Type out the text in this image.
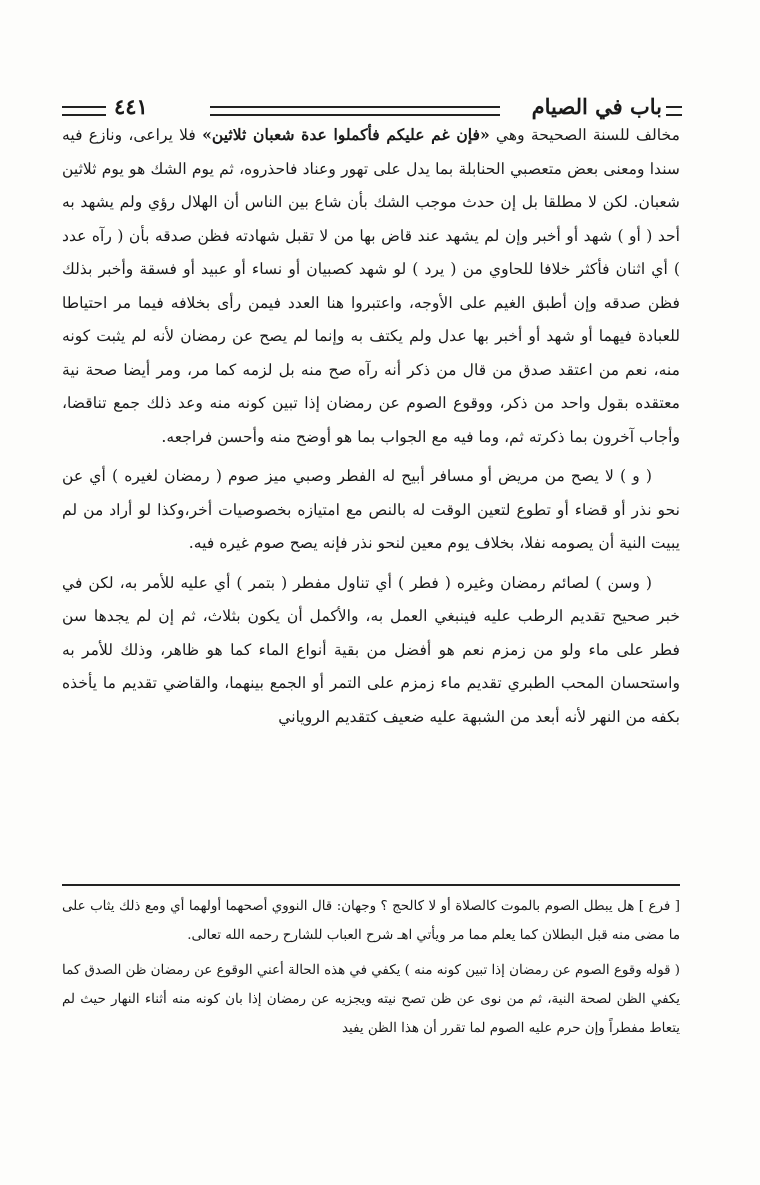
باب في الصيام
٤٤١

مخالف للسنة الصحيحة وهي «فإن غم عليكم فأكملوا عدة شعبان ثلاثين» فلا يراعى، ونازع فيه سندا ومعنى بعض متعصبي الحنابلة بما يدل على تهور وعناد فاحذروه، ثم يوم الشك هو يوم ثلاثين شعبان. لكن لا مطلقا بل إن حدث موجب الشك بأن شاع بين الناس أن الهلال رؤي ولم يشهد به أحد ( أو ) شهد أو أخبر وإن لم يشهد عند قاض بها من لا تقبل شهادته فظن صدقه بأن ( رآه عدد ) أي اثنان فأكثر خلافا للحاوي من ( يرد ) لو شهد كصبيان أو نساء أو عبيد أو فسقة وأخبر بذلك فظن صدقه وإن أطبق الغيم على الأوجه، واعتبروا هنا العدد فيمن رأى بخلافه فيما مر احتياطا للعبادة فيهما أو شهد أو أخبر بها عدل ولم يكتف به وإنما لم يصح عن رمضان لأنه لم يثبت كونه منه، نعم من اعتقد صدق من قال من ذكر أنه رآه صح منه بل لزمه كما مر، ومر أيضا صحة نية معتقده بقول واحد من ذكر، ووقوع الصوم عن رمضان إذا تبين كونه منه وعد ذلك جمع تناقضا، وأجاب آخرون بما ذكرته ثم، وما فيه مع الجواب بما هو أوضح منه وأحسن فراجعه.

( و ) لا يصح من مريض أو مسافر أبيح له الفطر وصبي ميز صوم ( رمضان لغيره ) أي عن نحو نذر أو قضاء أو تطوع لتعين الوقت له بالنص مع امتيازه بخصوصيات أخر،وكذا لو أراد من لم يبيت النية أن يصومه نفلا، بخلاف يوم معين لنحو نذر فإنه يصح صوم غيره فيه.

( وسن ) لصائم رمضان وغيره ( فطر ) أي تناول مفطر ( بتمر ) أي عليه للأمر به، لكن في خبر صحيح تقديم الرطب عليه فينبغي العمل به، والأكمل أن يكون بثلاث، ثم إن لم يجدها سن فطر على ماء ولو من زمزم نعم هو أفضل من بقية أنواع الماء كما هو ظاهر، وذلك للأمر به واستحسان المحب الطبري تقديم ماء زمزم على التمر أو الجمع بينهما، والقاضي تقديم ما يأخذه بكفه من النهر لأنه أبعد من الشبهة عليه ضعيف كتقديم الروياني

[ فرع ] هل يبطل الصوم بالموت كالصلاة أو لا كالحج ؟ وجهان: قال النووي أصحهما أولهما أي ومع ذلك يثاب على ما مضى منه قبل البطلان كما يعلم مما مر ويأتي اهـ شرح العباب للشارح رحمه الله تعالى.

( قوله وقوع الصوم عن رمضان إذا تبين كونه منه ) يكفي في هذه الحالة أعني الوقوع عن رمضان ظن الصدق كما يكفي الظن لصحة النية، ثم من نوى عن ظن تصح نيته ويجزيه عن رمضان إذا بان كونه منه أثناء النهار حيث لم يتعاط مفطراً وإن حرم عليه الصوم لما تقرر أن هذا الظن يفيد
